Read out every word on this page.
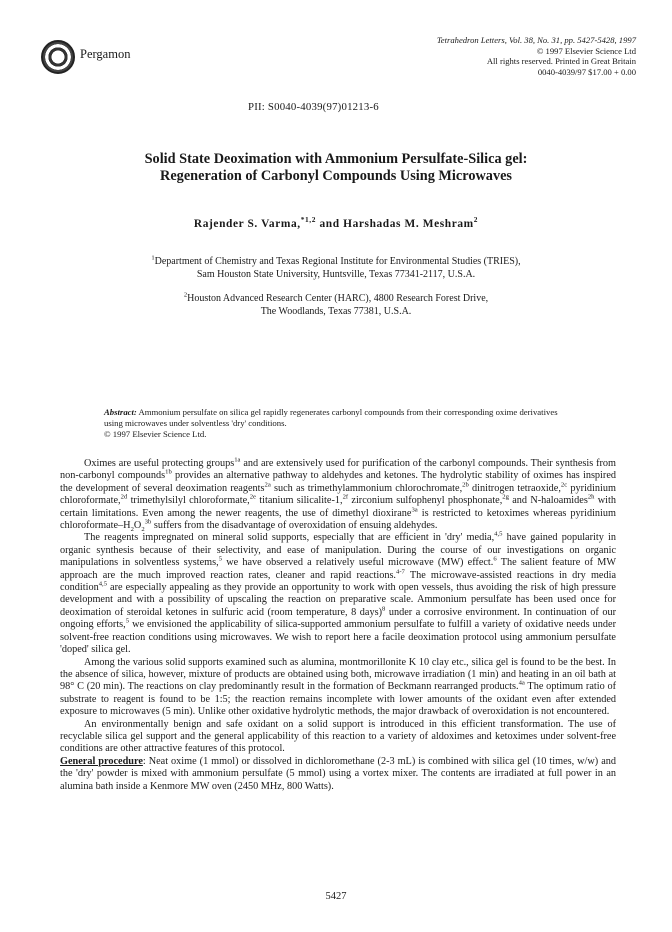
Pergamon
Tetrahedron Letters, Vol. 38, No. 31, pp. 5427-5428, 1997
© 1997 Elsevier Science Ltd
All rights reserved. Printed in Great Britain
0040-4039/97 $17.00 + 0.00
PII: S0040-4039(97)01213-6
Solid State Deoximation with Ammonium Persulfate-Silica gel:
Regeneration of Carbonyl Compounds Using Microwaves
Rajender S. Varma,$^{*1,2}$ and Harshadas M. Meshram$^2$
$^1$Department of Chemistry and Texas Regional Institute for Environmental Studies (TRIES),
Sam Houston State University, Huntsville, Texas 77341-2117, U.S.A.
$^2$Houston Advanced Research Center (HARC), 4800 Research Forest Drive,
The Woodlands, Texas 77381, U.S.A.
Abstract: Ammonium persulfate on silica gel rapidly regenerates carbonyl compounds from their corresponding oxime derivatives using microwaves under solventless 'dry' conditions.
© 1997 Elsevier Science Ltd.

Oximes are useful protecting groups$^{1a}$ and are extensively used for purification of the carbonyl compounds. Their synthesis from non-carbonyl compounds$^{1b}$ provides an alternative pathway to aldehydes and ketones. The hydrolytic stability of oximes has inspired the development of several deoximation reagents$^{2a}$ such as trimethylammonium chlorochromate,$^{2b}$ dinitrogen tetraoxide,$^{2c}$ pyridinium chloroformate,$^{2d}$ trimethylsilyl chloroformate,$^{2e}$ titanium silicalite-1,$^{2f}$ zirconium sulfophenyl phosphonate,$^{2g}$ and N-haloamides$^{2h}$ with certain limitations. Even among the newer reagents, the use of dimethyl dioxirane$^{3a}$ is restricted to ketoximes whereas pyridinium chloroformate–$H_2O_2^{3b}$ suffers from the disadvantage of overoxidation of ensuing aldehydes.

The reagents impregnated on mineral solid supports, especially that are efficient in 'dry' media,$^{4,5}$ have gained popularity in organic synthesis because of their selectivity, and ease of manipulation. During the course of our investigations on organic manipulations in solventless systems,$^5$ we have observed a relatively useful microwave (MW) effect.$^6$ The salient feature of MW approach are the much improved reaction rates, cleaner and rapid reactions.$^{4-7}$ The microwave-assisted reactions in dry media condition$^{4,5}$ are especially appealing as they provide an opportunity to work with open vessels, thus avoiding the risk of high pressure development and with a possibility of upscaling the reaction on preparative scale. Ammonium persulfate has been used once for deoximation of steroidal ketones in sulfuric acid (room temperature, 8 days)$^8$ under a corrosive environment. In continuation of our ongoing efforts,$^5$ we envisioned the applicability of silica-supported ammonium persulfate to fulfill a variety of oxidative needs under solvent-free reaction conditions using microwaves. We wish to report here a facile deoximation protocol using ammonium persulfate 'doped' silica gel.

Among the various solid supports examined such as alumina, montmorillonite K 10 clay etc., silica gel is found to be the best. In the absence of silica, however, mixture of products are obtained using both, microwave irradiation (1 min) and heating in an oil bath at 98° C (20 min). The reactions on clay predominantly result in the formation of Beckmann rearranged products.$^{4a}$ The optimum ratio of substrate to reagent is found to be 1:5; the reaction remains incomplete with lower amounts of the oxidant even after extended exposure to microwaves (5 min). Unlike other oxidative hydrolytic methods, the major drawback of overoxidation is not encountered.

An environmentally benign and safe oxidant on a solid support is introduced in this efficient transformation. The use of recyclable silica gel support and the general applicability of this reaction to a variety of aldoximes and ketoximes under solvent-free conditions are other attractive features of this protocol.

General procedure: Neat oxime (1 mmol) or dissolved in dichloromethane (2-3 mL) is combined with silica gel (10 times, w/w) and the 'dry' powder is mixed with ammonium persulfate (5 mmol) using a vortex mixer. The contents are irradiated at full power in an alumina bath inside a Kenmore MW oven (2450 MHz, 800 Watts).

5427
